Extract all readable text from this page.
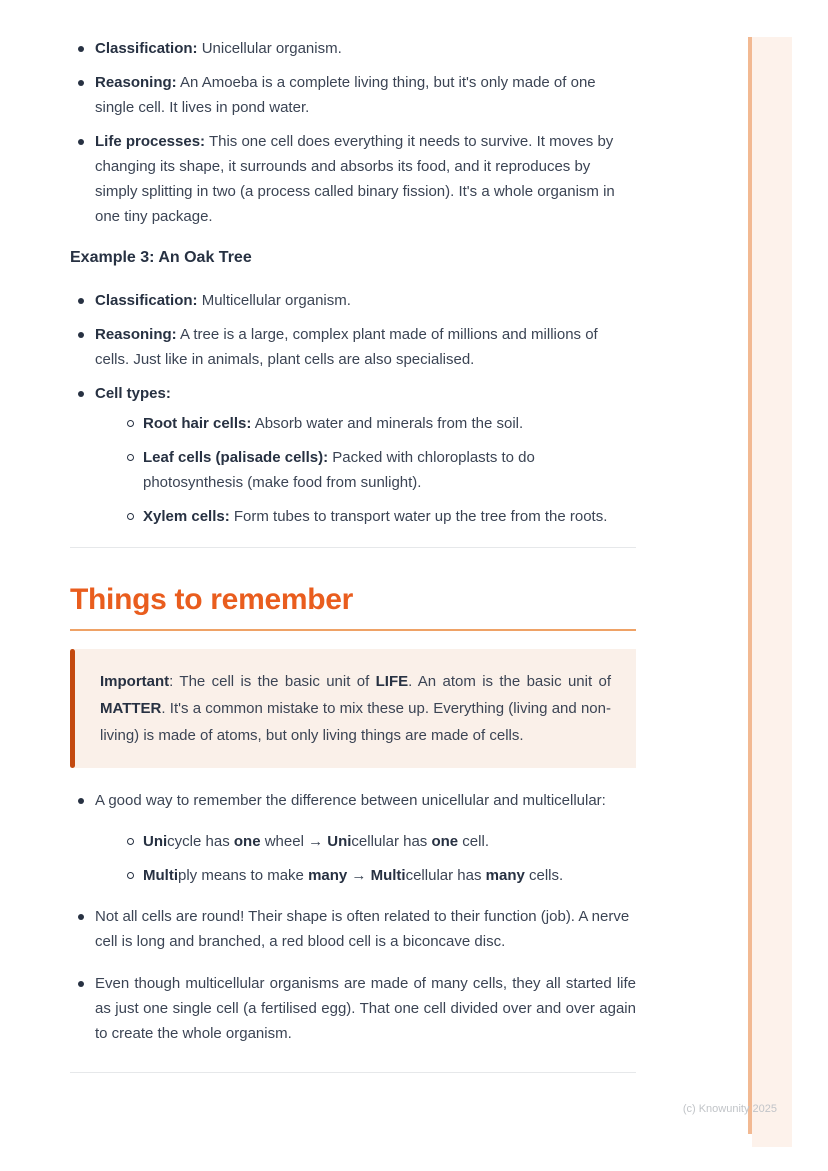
Classification: Unicellular organism.
Reasoning: An Amoeba is a complete living thing, but it's only made of one single cell. It lives in pond water.
Life processes: This one cell does everything it needs to survive. It moves by changing its shape, it surrounds and absorbs its food, and it reproduces by simply splitting in two (a process called binary fission). It's a whole organism in one tiny package.

Example 3: An Oak Tree

Classification: Multicellular organism.
Reasoning: A tree is a large, complex plant made of millions and millions of cells. Just like in animals, plant cells are also specialised.
Cell types:
Root hair cells: Absorb water and minerals from the soil.
Leaf cells (palisade cells): Packed with chloroplasts to do photosynthesis (make food from sunlight).
Xylem cells: Form tubes to transport water up the tree from the roots.
Things to remember

Important: The cell is the basic unit of LIFE. An atom is the basic unit of MATTER. It's a common mistake to mix these up. Everything (living and non-living) is made of atoms, but only living things are made of cells.

A good way to remember the difference between unicellular and multicellular:
Unicycle has one wheel → Unicellular has one cell.
Multiply means to make many → Multicellular has many cells.
Not all cells are round! Their shape is often related to their function (job). A nerve cell is long and branched, a red blood cell is a biconcave disc.
Even though multicellular organisms are made of many cells, they all started life as just one single cell (a fertilised egg). That one cell divided over and over again to create the whole organism.
(c) Knowunity 2025
